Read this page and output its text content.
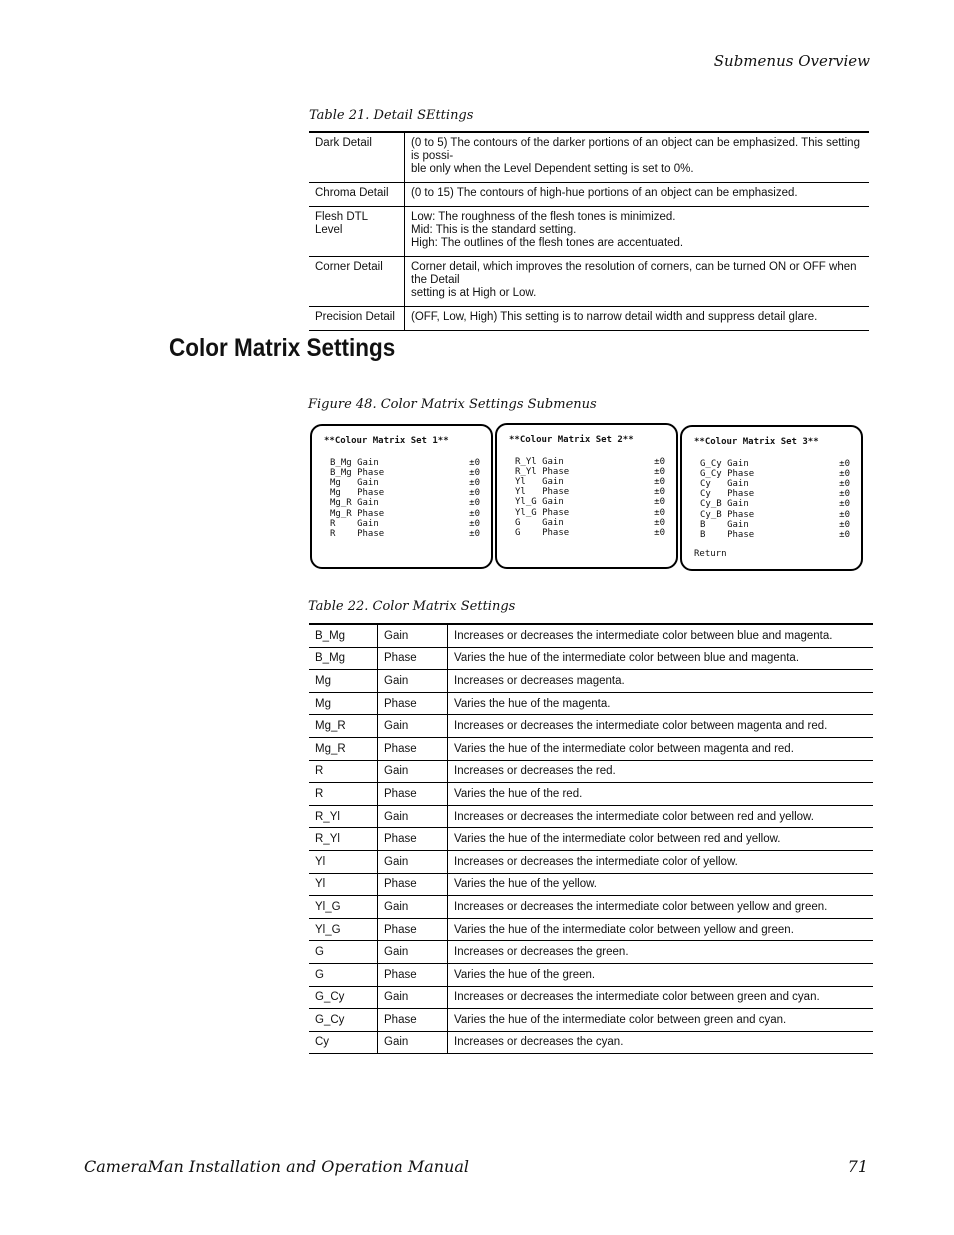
Submenus Overview
Table 21. Detail SEttings
Dark Detail	(0 to 5) The contours of the darker portions of an object can be emphasized. This setting is possi-
ble only when the Level Dependent setting is set to 0%.

Chroma Detail	(0 to 15) The contours of high-hue portions of an object can be emphasized.

Flesh DTL Level	Low: The roughness of the flesh tones is minimized.
Mid: This is the standard setting.
High: The outlines of the flesh tones are accentuated.

Corner Detail	Corner detail, which improves the resolution of corners, can be turned ON or OFF when the Detail
setting is at High or Low.

Precision Detail	(OFF, Low, High) This setting is to narrow detail width and suppress detail glare.
Color Matrix Settings
Figure 48. Color Matrix Settings Submenus
**Colour Matrix Set 1**
B_Mg Gain	±0
B_Mg Phase	±0
Mg   Gain	±0
Mg   Phase	±0
Mg_R Gain	±0
Mg_R Phase	±0
R    Gain	±0
R    Phase	±0
**Colour Matrix Set 2**
R_Yl Gain	±0
R_Yl Phase	±0
Yl   Gain	±0
Yl   Phase	±0
Yl_G Gain	±0
Yl_G Phase	±0
G    Gain	±0
G    Phase	±0
**Colour Matrix Set 3**
G_Cy Gain	±0
G_Cy Phase	±0
Cy   Gain	±0
Cy   Phase	±0
Cy_B Gain	±0
Cy_B Phase	±0
B    Gain	±0
B    Phase	±0
Return
Table 22. Color Matrix Settings
B_Mg	Gain	Increases or decreases the intermediate color between blue and magenta.
B_Mg	Phase	Varies the hue of the intermediate color between blue and magenta.
Mg	Gain	Increases or decreases magenta.
Mg	Phase	Varies the hue of the magenta.
Mg_R	Gain	Increases or decreases the intermediate color between magenta and red.
Mg_R	Phase	Varies the hue of the intermediate color between magenta and red.
R	Gain	Increases or decreases the red.
R	Phase	Varies the hue of the red.
R_Yl	Gain	Increases or decreases the intermediate color between red and yellow.
R_Yl	Phase	Varies the hue of the intermediate color between red and yellow.
Yl	Gain	Increases or decreases the intermediate color of yellow.
Yl	Phase	Varies the hue of the yellow.
Yl_G	Gain	Increases or decreases the intermediate color between yellow and green.
Yl_G	Phase	Varies the hue of the intermediate color between yellow and green.
G	Gain	Increases or decreases the green.
G	Phase	Varies the hue of the green.
G_Cy	Gain	Increases or decreases the intermediate color between green and cyan.
G_Cy	Phase	Varies the hue of the intermediate color between green and cyan.
Cy	Gain	Increases or decreases the cyan.
CameraMan Installation and Operation Manual	71
